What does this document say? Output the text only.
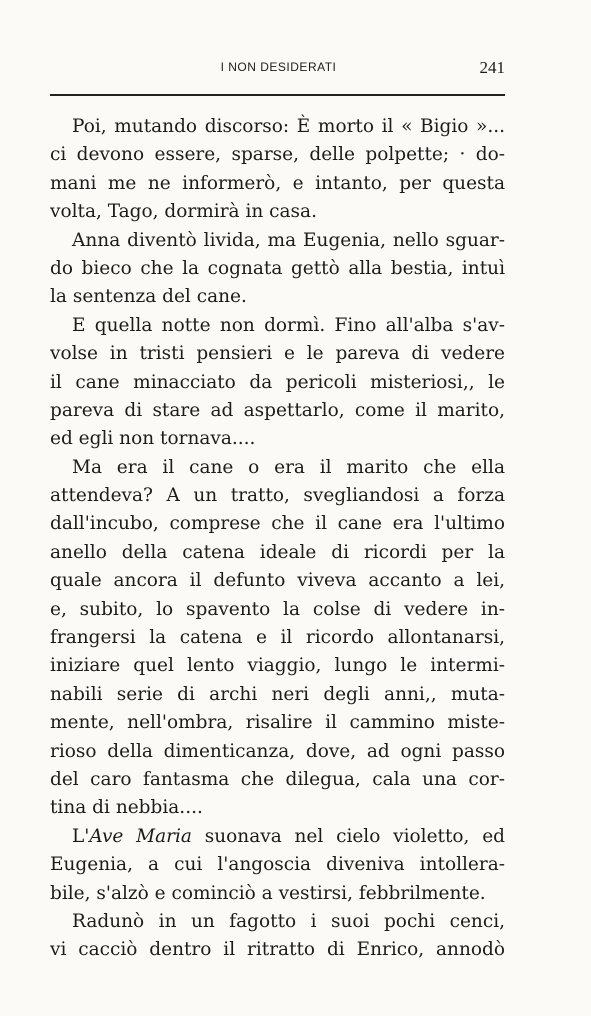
I NON DESIDERATI	241
Poi, mutando discorso: È morto il « Bigio »...
ci devono essere, sparse, delle polpette; · do-
mani me ne informerò, e intanto, per questa
volta, Tago, dormirà in casa.
Anna diventò livida, ma Eugenia, nello sguar-
do bieco che la cognata gettò alla bestia, intuì
la sentenza del cane.
E quella notte non dormì. Fino all'alba s'av-
volse in tristi pensieri e le pareva di vedere
il cane minacciato da pericoli misteriosi,, le
pareva di stare ad aspettarlo, come il marito,
ed egli non tornava....
Ma era il cane o era il marito che ella
attendeva? A un tratto, svegliandosi a forza
dall'incubo, comprese che il cane era l'ultimo
anello della catena ideale di ricordi per la
quale ancora il defunto viveva accanto a lei,
e, subito, lo spavento la colse di vedere in-
frangersi la catena e il ricordo allontanarsi,
iniziare quel lento viaggio, lungo le intermi-
nabili serie di archi neri degli anni,, muta-
mente, nell'ombra, risalire il cammino miste-
rioso della dimenticanza, dove, ad ogni passo
del caro fantasma che dilegua, cala una cor-
tina di nebbia....
L'Ave Maria suonava nel cielo violetto, ed
Eugenia, a cui l'angoscia diveniva intollera-
bile, s'alzò e cominciò a vestirsi, febbrilmente.
Radunò in un fagotto i suoi pochi cenci,
vi cacciò dentro il ritratto di Enrico, annodò
